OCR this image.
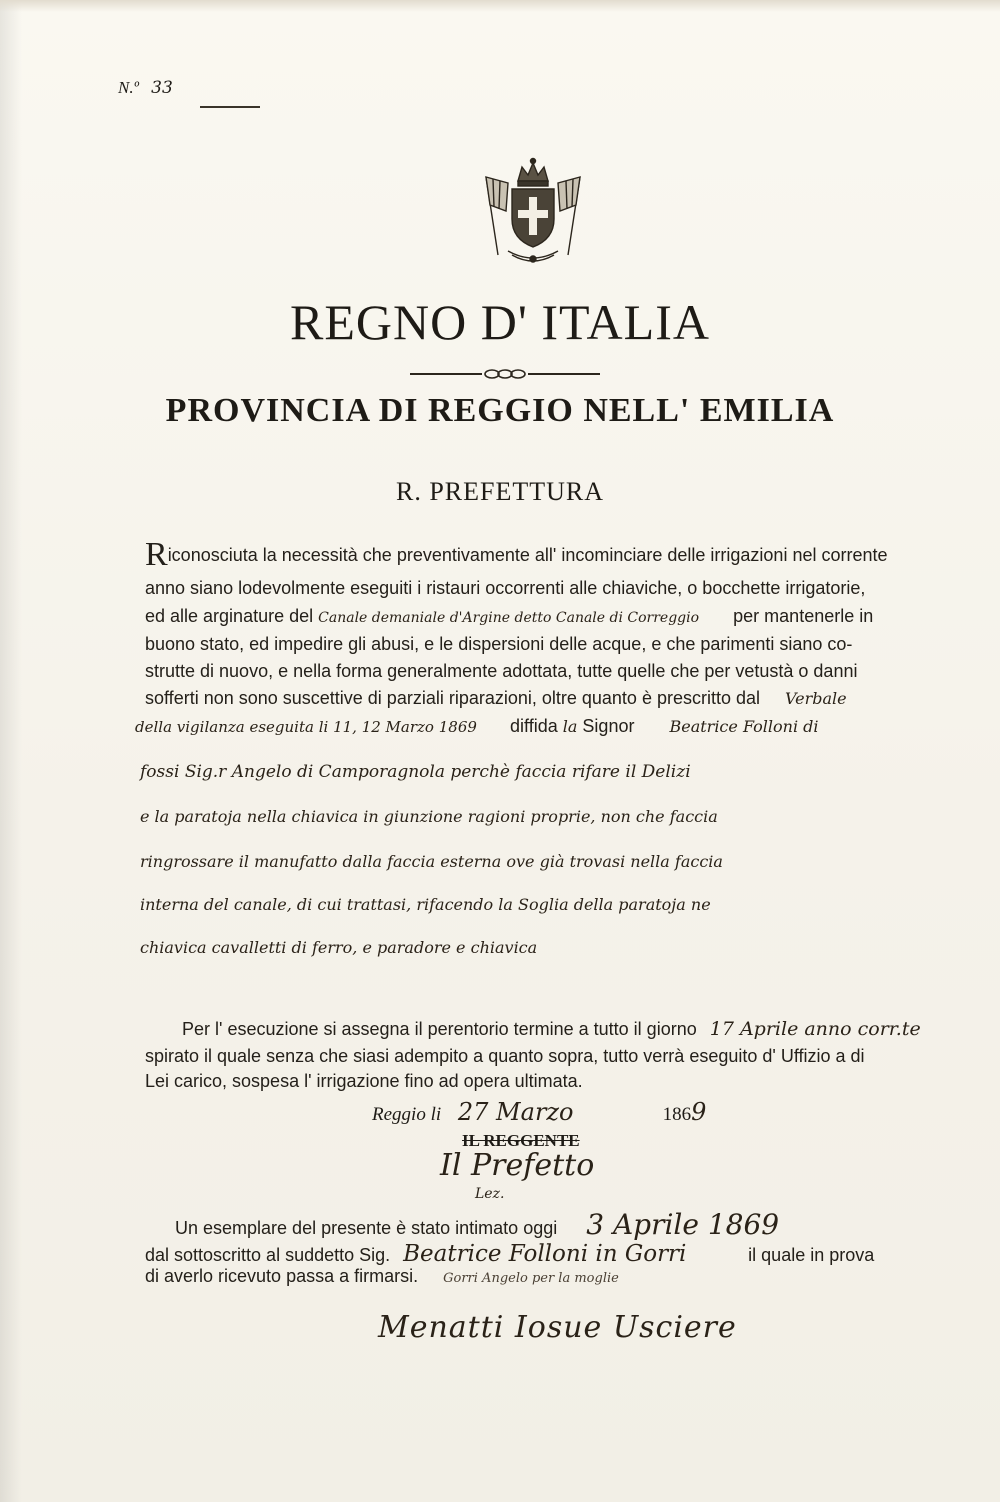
N.º 33
REGNO D' ITALIA
PROVINCIA DI REGGIO NELL' EMILIA
R. PREFETTURA
Riconosciuta la necessità che preventivamente all' incominciare delle irrigazioni nel corrente
anno siano lodevolmente eseguiti i ristauri occorrenti alle chiaviche, o bocchette irrigatorie,
ed alle arginature del Canale demaniale d'Argine detto Canale di Correggio per mantenerle in
buono stato, ed impedire gli abusi, e le dispersioni delle acque, e che parimenti siano co-
strutte di nuovo, e nella forma generalmente adottata, tutte quelle che per vetustà o danni
sofferti non sono suscettive di parziali riparazioni, oltre quanto è prescritto dal Verbale
della vigilanza eseguita li 11, 12 Marzo 1869 diffida la Signor Beatrice Folloni di
fossi Sig.r Angelo di Camporagnola perchè faccia rifare il Delizi
e la paratoja nella chiavica in giunzione ragioni proprie, non che faccia
ringrossare il manufatto dalla faccia esterna ove già trovasi nella faccia
interna del canale, di cui trattasi, rifacendo la Soglia della paratoja ne
chiavica cavalletti di ferro, e paradore e chiavica
Per l' esecuzione si assegna il perentorio termine a tutto il giorno 17 Aprile anno corr.te
spirato il quale senza che siasi adempito a quanto sopra, tutto verrà eseguito d' Uffizio a di
Lei carico, sospesa l' irrigazione fino ad opera ultimata.
Reggio li 27 Marzo	1869
IL REGGENTE
Il Prefetto
Lez.
Un esemplare del presente è stato intimato oggi 3 Aprile 1869
dal sottoscritto al suddetto Sig. Beatrice Folloni in Gorri	il quale in prova
di averlo ricevuto passa a firmarsi. Gorri Angelo per la moglie
Menatti Iosue Usciere
